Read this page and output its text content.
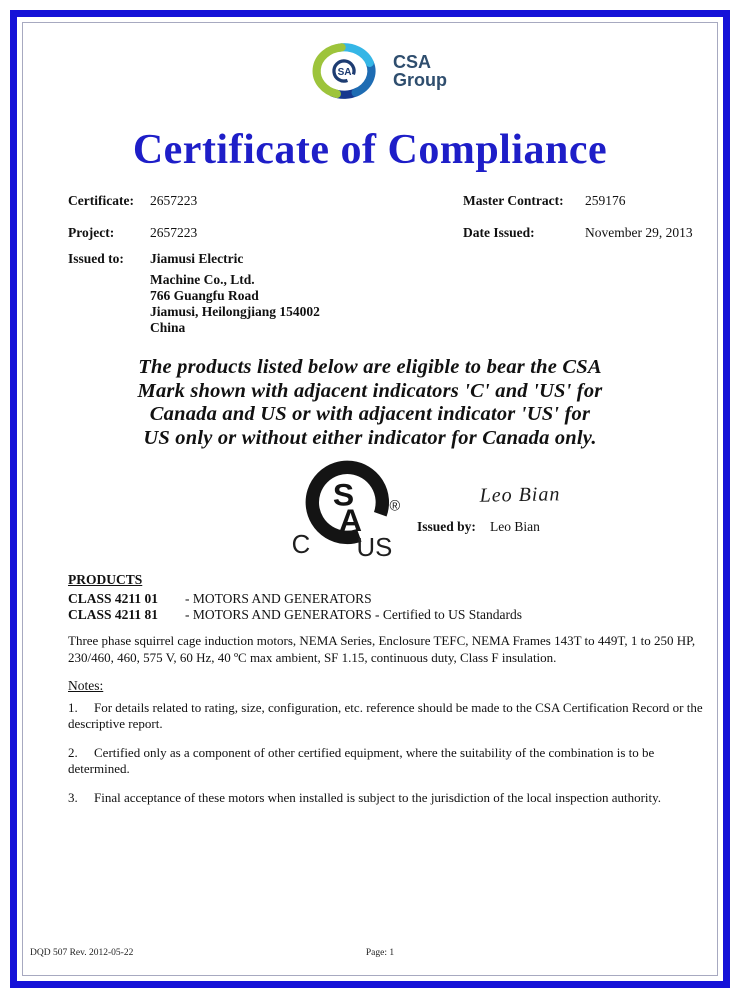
SA
CSA
Group
Certificate of Compliance
Certificate: 2657223	Master Contract: 259176
Project:	2657223	Date Issued:	November 29, 2013
Issued to: Jiamusi Electric
Machine Co., Ltd.
766 Guangfu Road
Jiamusi, Heilongjiang 154002
China
The products listed below are eligible to bear the CSA
Mark shown with adjacent indicators 'C' and 'US' for
Canada and US or with adjacent indicator 'US' for
US only or without either indicator for Canada only.
S
A ®
C US
Leo Bian
Issued by: Leo Bian
PRODUCTS
CLASS 4211 01 - MOTORS AND GENERATORS
CLASS 4211 81 - MOTORS AND GENERATORS - Certified to US Standards
Three phase squirrel cage induction motors, NEMA Series, Enclosure TEFC, NEMA Frames 143T to 449T, 1 to 250 HP, 230/460, 460, 575 V, 60 Hz, 40 ºC max ambient, SF 1.15, continuous duty, Class F insulation.
Notes:

1. For details related to rating, size, configuration, etc. reference should be made to the CSA Certification Record or the descriptive report.

2. Certified only as a component of other certified equipment, where the suitability of the combination is to be determined.

3. Final acceptance of these motors when installed is subject to the jurisdiction of the local inspection authority.

Page: 1
DQD 507 Rev. 2012-05-22
